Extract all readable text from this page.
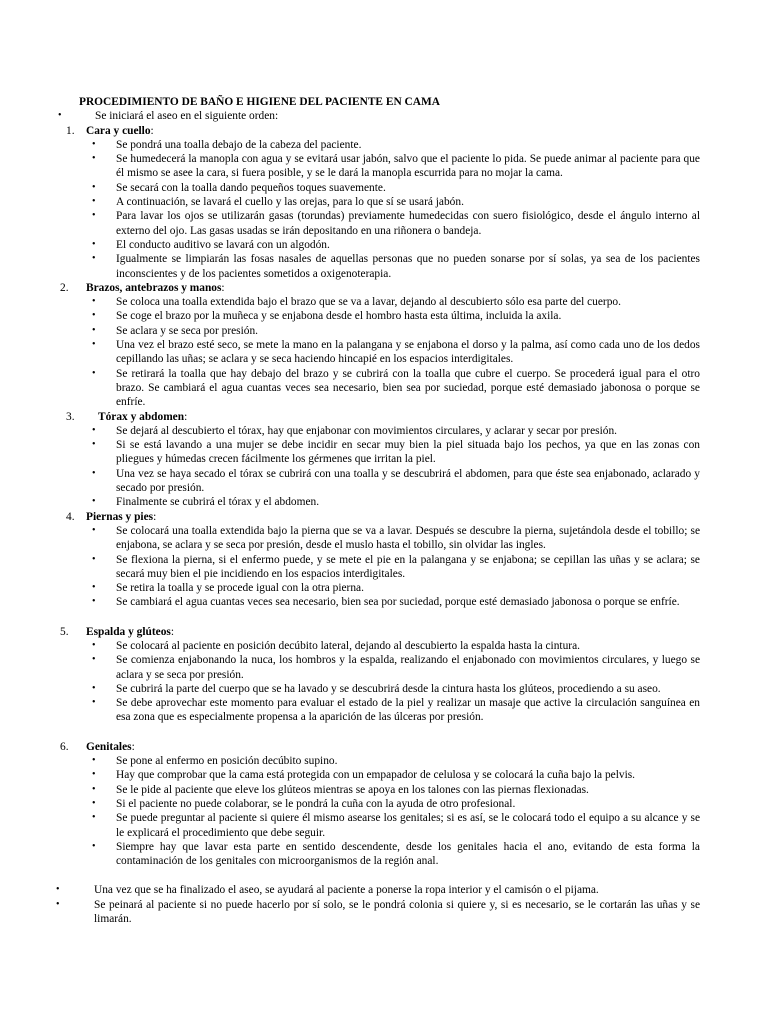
PROCEDIMIENTO DE BAÑO E HIGIENE DEL PACIENTE EN CAMA
• Se iniciará el aseo en el siguiente orden:
1. Cara y cuello:
• Se pondrá una toalla debajo de la cabeza del paciente.
• Se humedecerá la manopla con agua y se evitará usar jabón, salvo que el paciente lo pida. Se puede animar al paciente para que él mismo se asee la cara, si fuera posible, y se le dará la manopla escurrida para no mojar la cama.
• Se secará con la toalla dando pequeños toques suavemente.
• A continuación, se lavará el cuello y las orejas, para lo que sí se usará jabón.
• Para lavar los ojos se utilizarán gasas (torundas) previamente humedecidas con suero fisiológico, desde el ángulo interno al externo del ojo. Las gasas usadas se irán depositando en una riñonera o bandeja.
• El conducto auditivo se lavará con un algodón.
• Igualmente se limpiarán las fosas nasales de aquellas personas que no pueden sonarse por sí solas, ya sea de los pacientes inconscientes y de los pacientes sometidos a oxigenoterapia.
2. Brazos, antebrazos y manos:
• Se coloca una toalla extendida bajo el brazo que se va a lavar, dejando al descubierto sólo esa parte del cuerpo.
• Se coge el brazo por la muñeca y se enjabona desde el hombro hasta esta última, incluida la axila.
• Se aclara y se seca por presión.
• Una vez el brazo esté seco, se mete la mano en la palangana y se enjabona el dorso y la palma, así como cada uno de los dedos cepillando las uñas; se aclara y se seca haciendo hincapié en los espacios interdigitales.
• Se retirará la toalla que hay debajo del brazo y se cubrirá con la toalla que cubre el cuerpo. Se procederá igual para el otro brazo. Se cambiará el agua cuantas veces sea necesario, bien sea por suciedad, porque esté demasiado jabonosa o porque se enfríe.
3.	Tórax y abdomen:
• Se dejará al descubierto el tórax, hay que enjabonar con movimientos circulares, y aclarar y secar por presión.
• Si se está lavando a una mujer se debe incidir en secar muy bien la piel situada bajo los pechos, ya que en las zonas con pliegues y húmedas crecen fácilmente los gérmenes que irritan la piel.
• Una vez se haya secado el tórax se cubrirá con una toalla y se descubrirá el abdomen, para que éste sea enjabonado, aclarado y secado por presión.
• Finalmente se cubrirá el tórax y el abdomen.
4. Piernas y pies:
• Se colocará una toalla extendida bajo la pierna que se va a lavar. Después se descubre la pierna, sujetándola desde el tobillo; se enjabona, se aclara y se seca por presión, desde el muslo hasta el tobillo, sin olvidar las ingles.
• Se flexiona la pierna, si el enfermo puede, y se mete el pie en la palangana y se enjabona; se cepillan las uñas y se aclara; se secará muy bien el pie incidiendo en los espacios interdigitales.
• Se retira la toalla y se procede igual con la otra pierna.
• Se cambiará el agua cuantas veces sea necesario, bien sea por suciedad, porque esté demasiado jabonosa o porque se enfríe.
5. Espalda y glúteos:
• Se colocará al paciente en posición decúbito lateral, dejando al descubierto la espalda hasta la cintura.
• Se comienza enjabonando la nuca, los hombros y la espalda, realizando el enjabonado con movimientos circulares, y luego se aclara y se seca por presión.
• Se cubrirá la parte del cuerpo que se ha lavado y se descubrirá desde la cintura hasta los glúteos, procediendo a su aseo.
• Se debe aprovechar este momento para evaluar el estado de la piel y realizar un masaje que active la circulación sanguínea en esa zona que es especialmente propensa a la aparición de las úlceras por presión.
6. Genitales:
• Se pone al enfermo en posición decúbito supino.
• Hay que comprobar que la cama está protegida con un empapador de celulosa y se colocará la cuña bajo la pelvis.
• Se le pide al paciente que eleve los glúteos mientras se apoya en los talones con las piernas flexionadas.
• Si el paciente no puede colaborar, se le pondrá la cuña con la ayuda de otro profesional.
• Se puede preguntar al paciente si quiere él mismo asearse los genitales; si es así, se le colocará todo el equipo a su alcance y se le explicará el procedimiento que debe seguir.
• Siempre hay que lavar esta parte en sentido descendente, desde los genitales hacia el ano, evitando de esta forma la contaminación de los genitales con microorganismos de la región anal.
• Una vez que se ha finalizado el aseo, se ayudará al paciente a ponerse la ropa interior y el camisón o el pijama.
• Se peinará al paciente si no puede hacerlo por sí solo, se le pondrá colonia si quiere y, si es necesario, se le cortarán las uñas y se limarán.
